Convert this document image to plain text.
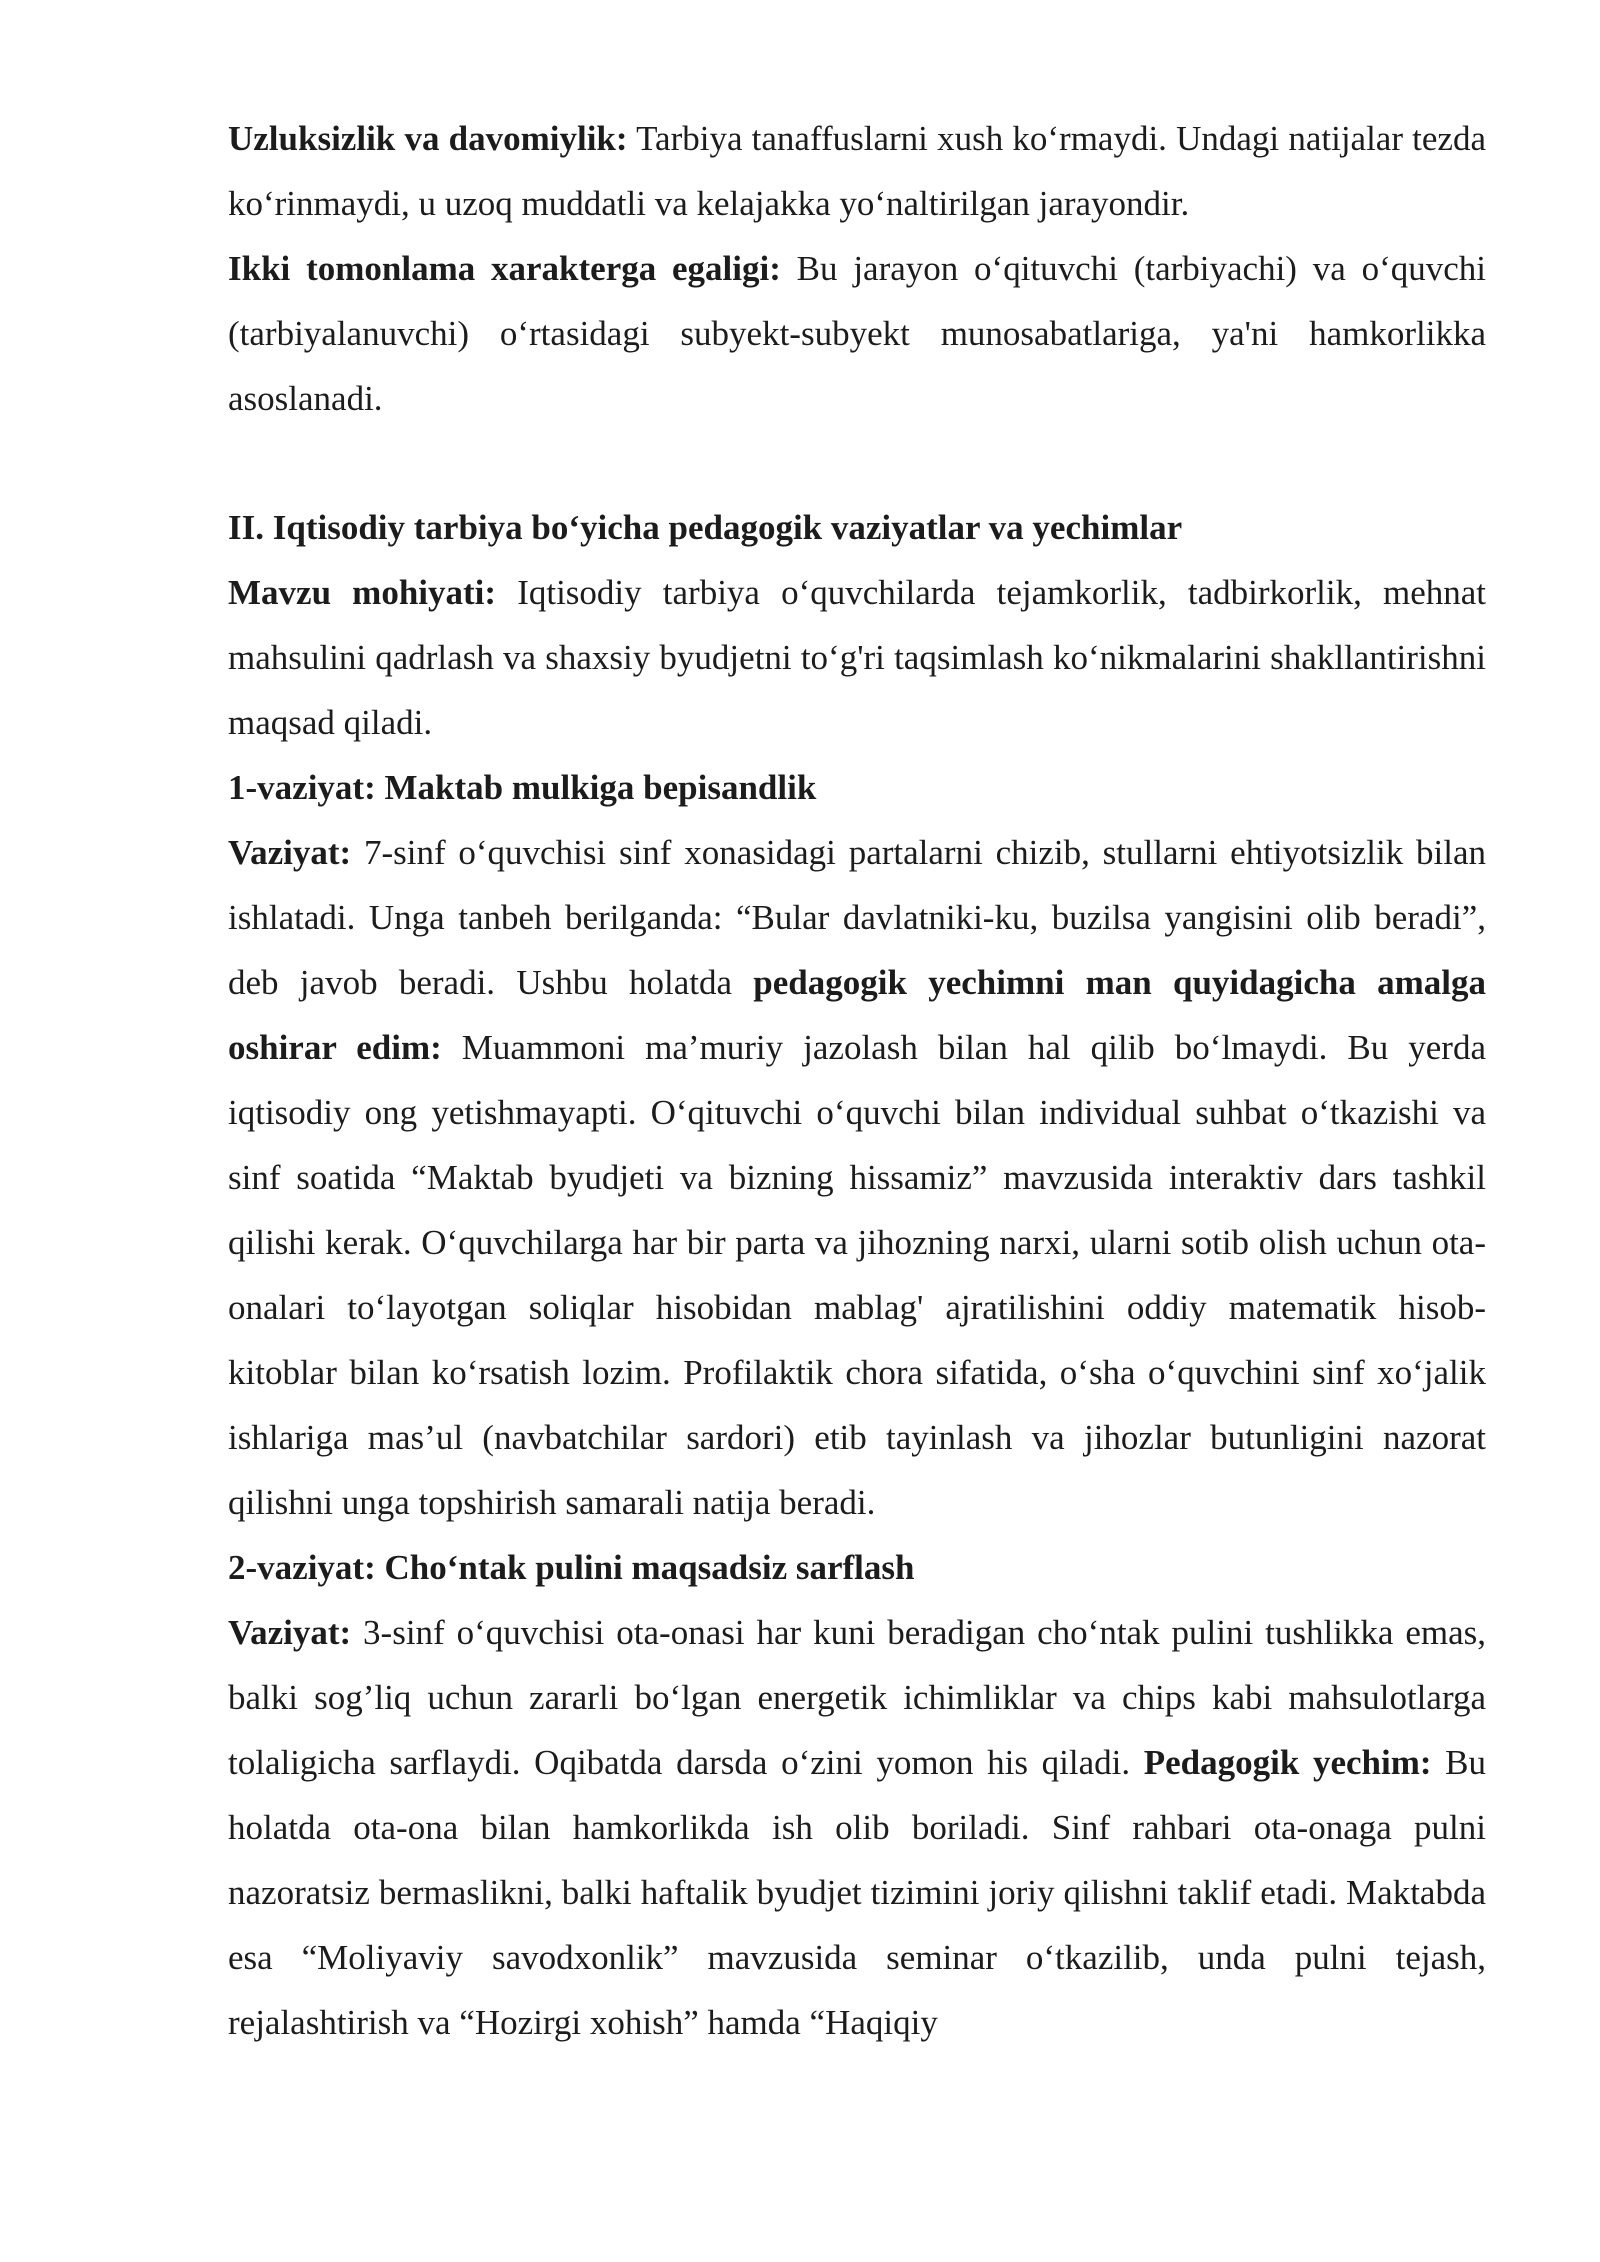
Uzluksizlik va davomiylik: Tarbiya tanaffuslarni xush ko‘rmaydi. Undagi natijalar tezda ko‘rinmaydi, u uzoq muddatli va kelajakka yo‘naltirilgan jarayondir.

Ikki tomonlama xarakterga egaligi: Bu jarayon o‘qituvchi (tarbiyachi) va o‘quvchi (tarbiyalanuvchi) o‘rtasidagi subyekt-subyekt munosabatlariga, ya'ni hamkorlikka asoslanadi.

II. Iqtisodiy tarbiya bo‘yicha pedagogik vaziyatlar va yechimlar

Mavzu mohiyati: Iqtisodiy tarbiya o‘quvchilarda tejamkorlik, tadbirkorlik, mehnat mahsulini qadrlash va shaxsiy byudjetni to‘g'ri taqsimlash ko‘nikmalarini shakllantirishni maqsad qiladi.

1-vaziyat: Maktab mulkiga bepisandlik

Vaziyat: 7-sinf o‘quvchisi sinf xonasidagi partalarni chizib, stullarni ehtiyotsizlik bilan ishlatadi. Unga tanbeh berilganda: “Bular davlatniki-ku, buzilsa yangisini olib beradi”, deb javob beradi. Ushbu holatda pedagogik yechimni man quyidagicha amalga oshirar edim: Muammoni ma’muriy jazolash bilan hal qilib bo‘lmaydi. Bu yerda iqtisodiy ong yetishmayapti. O‘qituvchi o‘quvchi bilan individual suhbat o‘tkazishi va sinf soatida “Maktab byudjeti va bizning hissamiz” mavzusida interaktiv dars tashkil qilishi kerak. O‘quvchilarga har bir parta va jihozning narxi, ularni sotib olish uchun ota-onalari to‘layotgan soliqlar hisobidan mablag' ajratilishini oddiy matematik hisob-kitoblar bilan ko‘rsatish lozim. Profilaktik chora sifatida, o‘sha o‘quvchini sinf xo‘jalik ishlariga mas’ul (navbatchilar sardori) etib tayinlash va jihozlar butunligini nazorat qilishni unga topshirish samarali natija beradi.

2-vaziyat: Cho‘ntak pulini maqsadsiz sarflash

Vaziyat: 3-sinf o‘quvchisi ota-onasi har kuni beradigan cho‘ntak pulini tushlikka emas, balki sog’liq uchun zararli bo‘lgan energetik ichimliklar va chips kabi mahsulotlarga tolaligicha sarflaydi. Oqibatda darsda o‘zini yomon his qiladi. Pedagogik yechim: Bu holatda ota-ona bilan hamkorlikda ish olib boriladi. Sinf rahbari ota-onaga pulni nazoratsiz bermaslikni, balki haftalik byudjet tizimini joriy qilishni taklif etadi. Maktabda esa “Moliyaviy savodxonlik” mavzusida seminar o‘tkazilib, unda pulni tejash, rejalashtirish va “Hozirgi xohish” hamda “Haqiqiy
